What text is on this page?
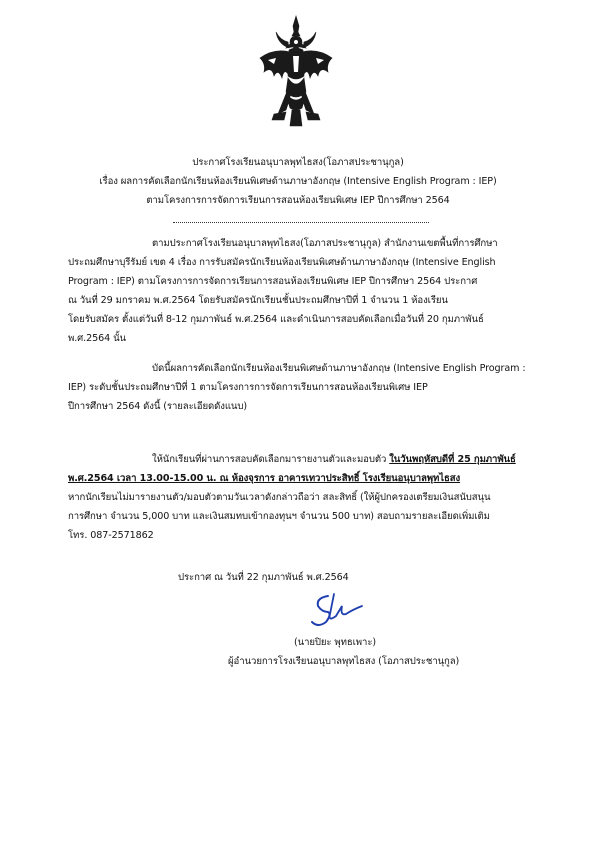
ประกาศโรงเรียนอนุบาลพุทไธสง(โอภาสประชานุกูล)
เรื่อง ผลการคัดเลือกนักเรียนห้องเรียนพิเศษด้านภาษาอังกฤษ (Intensive English Program : IEP)
ตามโครงการการจัดการเรียนการสอนห้องเรียนพิเศษ IEP ปีการศึกษา 2564
ตามประกาศโรงเรียนอนุบาลพุทไธสง(โอภาสประชานุกูล) สำนักงานเขตพื้นที่การศึกษา
ประถมศึกษาบุรีรัมย์ เขต 4 เรื่อง การรับสมัครนักเรียนห้องเรียนพิเศษด้านภาษาอังกฤษ (Intensive English
Program : IEP) ตามโครงการการจัดการเรียนการสอนห้องเรียนพิเศษ IEP ปีการศึกษา 2564 ประกาศ
ณ วันที่ 29 มกราคม พ.ศ.2564 โดยรับสมัครนักเรียนชั้นประถมศึกษาปีที่ 1 จำนวน 1 ห้องเรียน
โดยรับสมัคร ตั้งแต่วันที่ 8-12 กุมภาพันธ์ พ.ศ.2564 และดำเนินการสอบคัดเลือกเมื่อวันที่ 20 กุมภาพันธ์
พ.ศ.2564 นั้น
บัดนี้ผลการคัดเลือกนักเรียนห้องเรียนพิเศษด้านภาษาอังกฤษ (Intensive English Program :
IEP) ระดับชั้นประถมศึกษาปีที่ 1 ตามโครงการการจัดการเรียนการสอนห้องเรียนพิเศษ IEP
ปีการศึกษา 2564 ดังนี้ (รายละเอียดดังแนบ)
ให้นักเรียนที่ผ่านการสอบคัดเลือกมารายงานตัวและมอบตัว ในวันพฤหัสบดีที่ 25 กุมภาพันธ์
พ.ศ.2564 เวลา 13.00-15.00 น. ณ ห้องจุรการ อาคารเทวาประสิทธิ์ โรงเรียนอนุบาลพุทไธสง
หากนักเรียนไม่มารายงานตัว/มอบตัวตามวันเวลาดังกล่าวถือว่า สละสิทธิ์ (ให้ผู้ปกครองเตรียมเงินสนับสนุน
การศึกษา จำนวน 5,000 บาท และเงินสมทบเข้ากองทุนฯ จำนวน 500 บาท) สอบถามรายละเอียดเพิ่มเติม
โทร. 087-2571862
ประกาศ ณ วันที่ 22 กุมภาพันธ์ พ.ศ.2564
(นายปิยะ พุทธเพาะ)
ผู้อำนวยการโรงเรียนอนุบาลพุทไธสง (โอภาสประชานุกูล)
